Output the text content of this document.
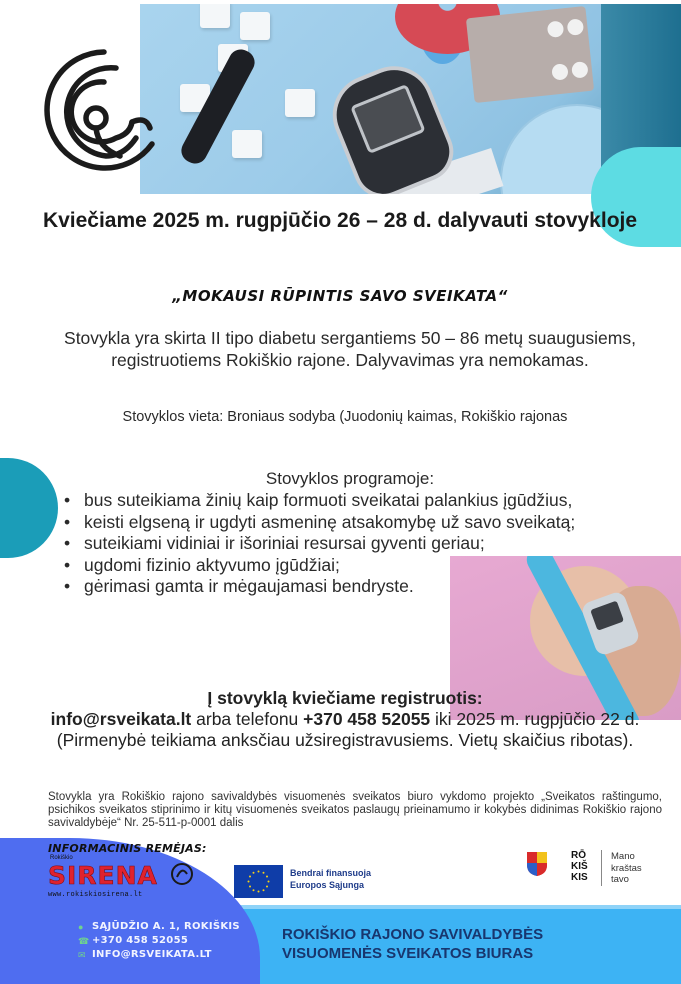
Kviečiame 2025 m. rugpjūčio 26 – 28 d. dalyvauti stovykloje
„MOKAUSI RŪPINTIS SAVO SVEIKATA“
Stovykla yra skirta II tipo diabetu sergantiems 50 – 86 metų suaugusiems, registruotiems Rokiškio rajone. Dalyvavimas yra nemokamas.
Stovyklos vieta: Broniaus sodyba (Juodonių kaimas, Rokiškio rajonas
Stovyklos programoje:
• bus suteikiama žinių kaip formuoti sveikatai palankius įgūdžius,
• keisti elgseną ir ugdyti asmeninę atsakomybę už savo sveikatą;
• suteikiami vidiniai ir išoriniai resursai gyventi geriau;
• ugdomi fizinio aktyvumo įgūdžiai;
• gėrimasi gamta ir mėgaujamasi bendryste.
Į stovyklą kviečiame registruotis:
info@rsveikata.lt arba telefonu +370 458 52055 iki 2025 m. rugpjūčio 22 d. (Pirmenybė teikiama anksčiau užsiregistravusiems. Vietų skaičius ribotas).
Stovykla yra Rokiškio rajono savivaldybės visuomenės sveikatos biuro vykdomo projekto „Sveikatos raštingumo, psichikos sveikatos stiprinimo ir kitų visuomenės sveikatos paslaugų prieinamumo ir kokybės didinimas Rokiškio rajono savivaldybėje“ Nr. 25-511-p-0001 dalis
INFORMACINIS REMĖJAS:
Rokiškio
SIRENA
www.rokiskiosirena.lt
Bendrai finansuoja
Europos Sąjunga
RŌ
KIŠ
KIS
Mano
kraštas
tavo
● SĄJŪDŽIO A. 1, ROKIŠKIS
☎ +370 458 52055
✉ INFO@RSVEIKATA.LT
ROKIŠKIO RAJONO SAVIVALDYBĖS
VISUOMENĖS SVEIKATOS BIURAS
